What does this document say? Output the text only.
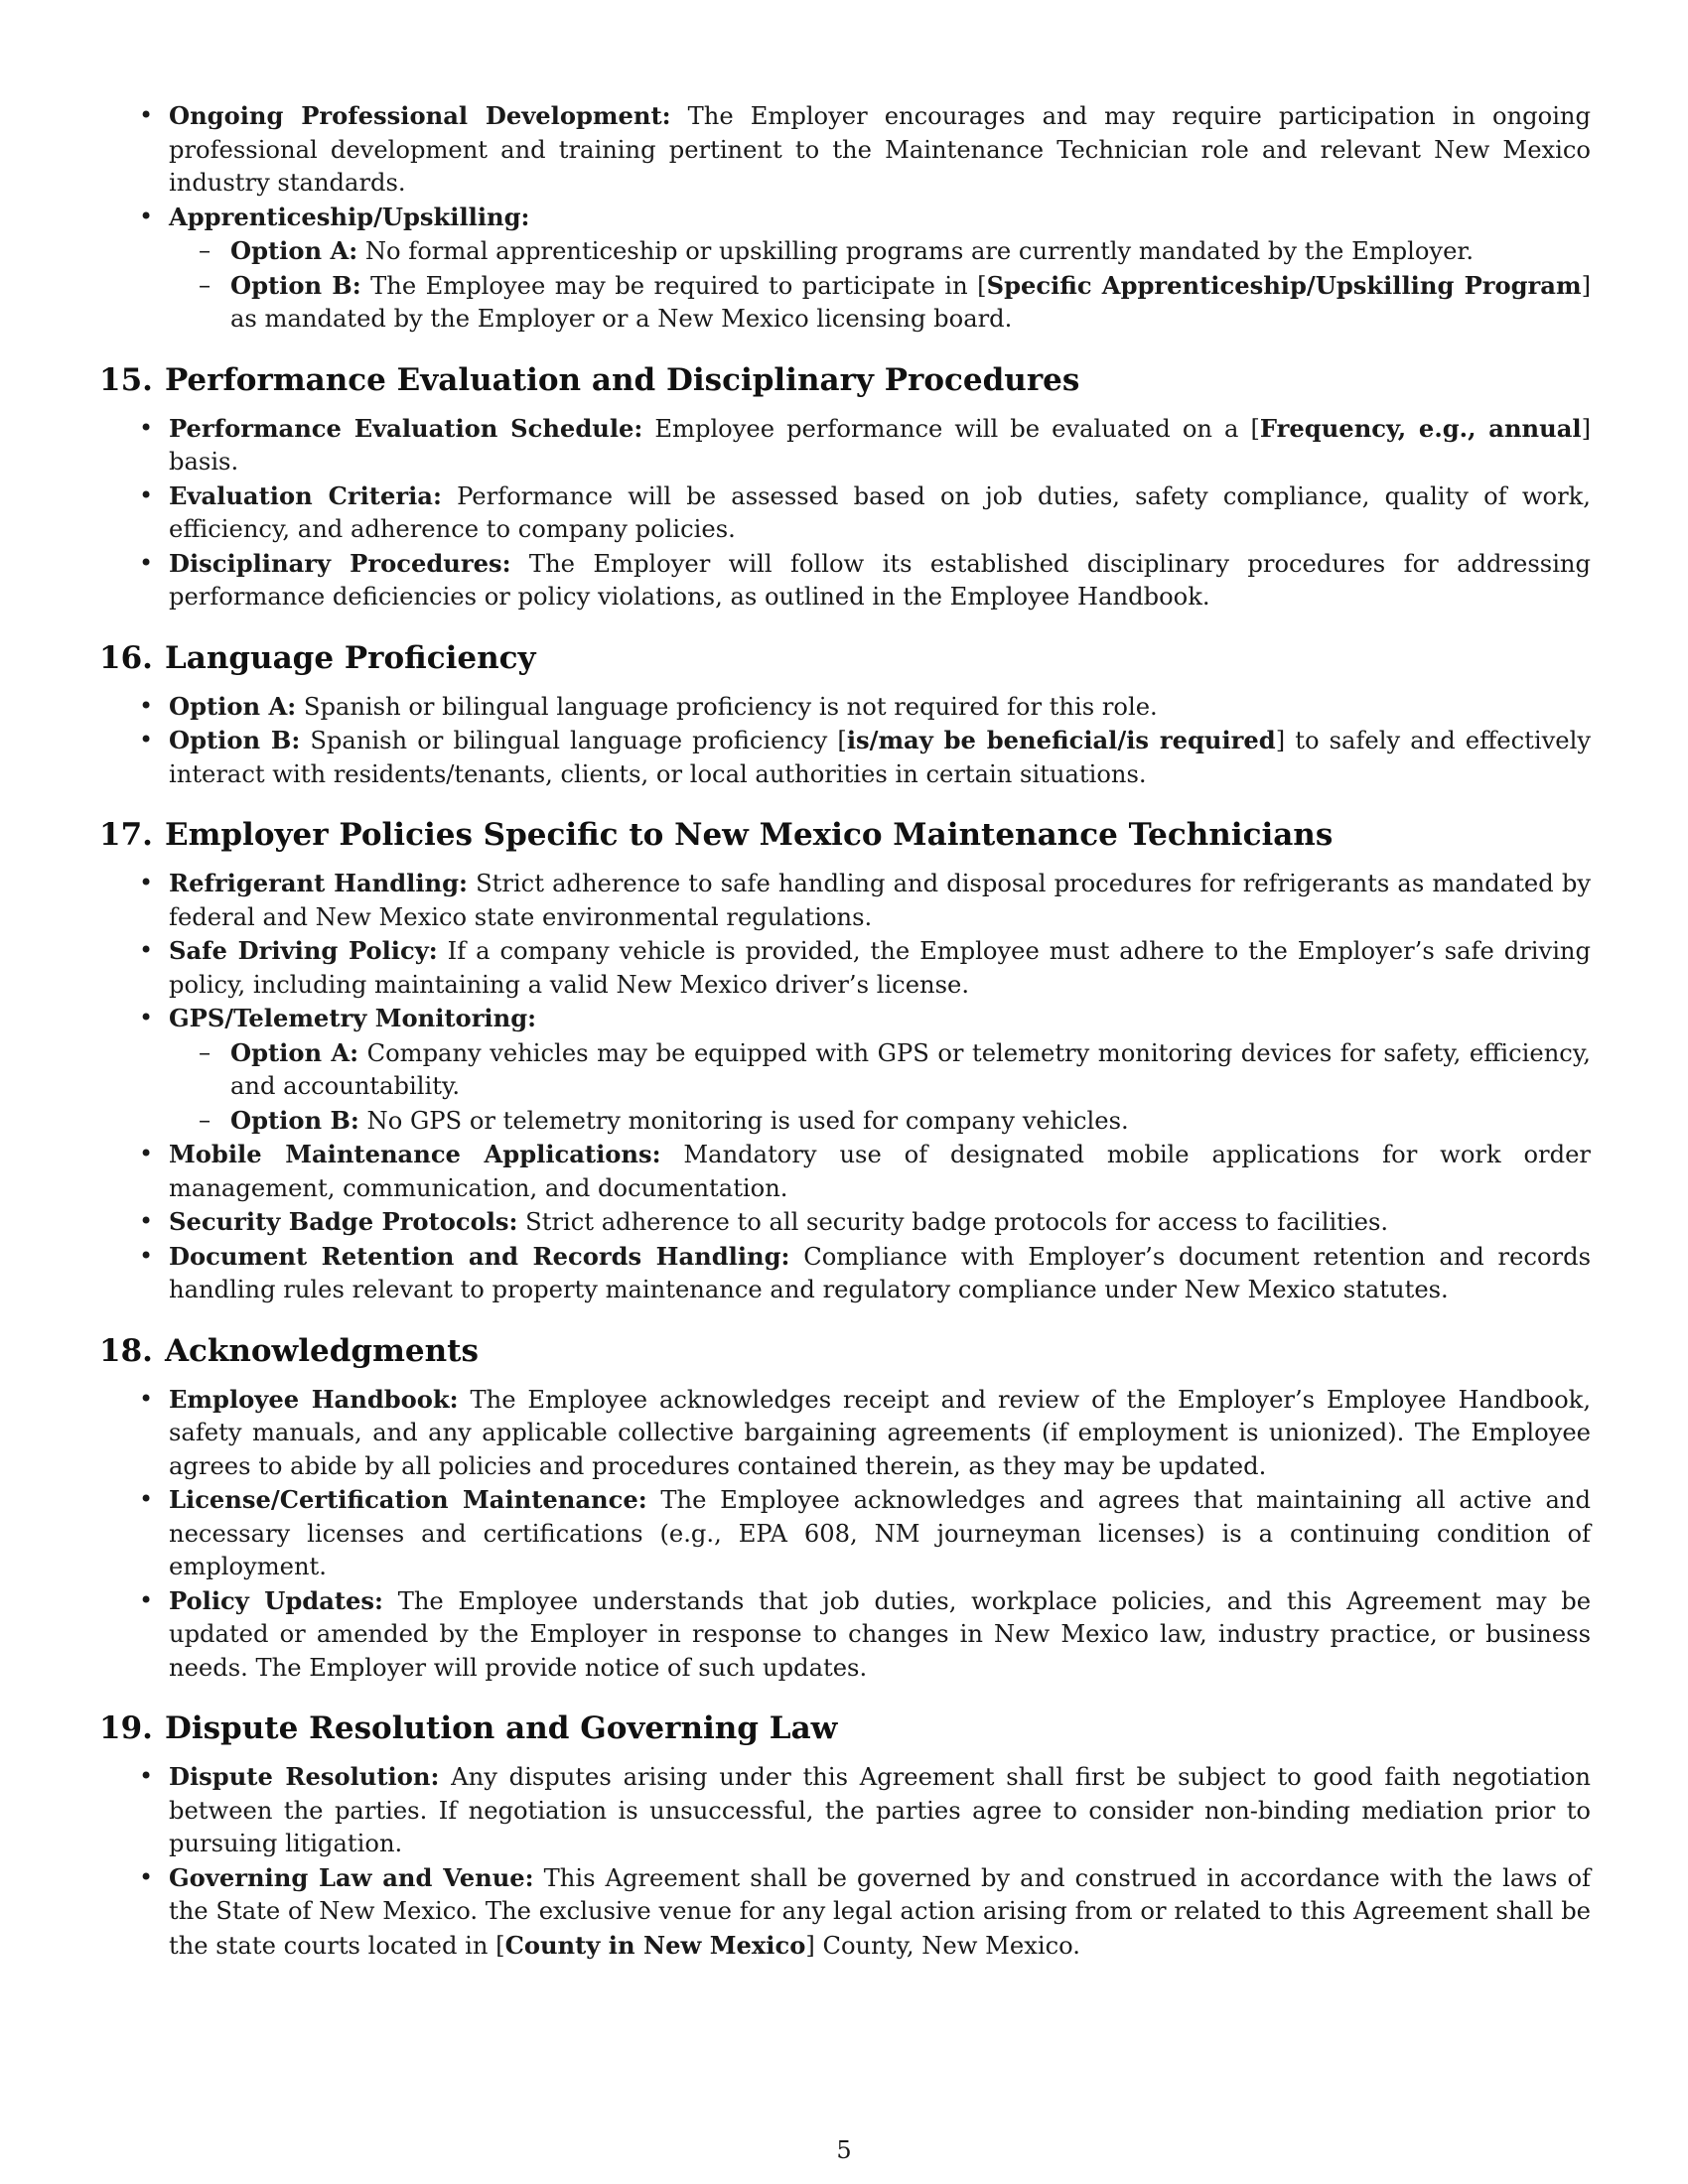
• Ongoing Professional Development: The Employer encourages and may require participation in ongoing professional development and training pertinent to the Maintenance Technician role and relevant New Mexico industry standards.
• Apprenticeship/Upskilling:
– Option A: No formal apprenticeship or upskilling programs are currently mandated by the Employer.
– Option B: The Employee may be required to participate in [Specific Apprenticeship/Upskilling Program] as mandated by the Employer or a New Mexico licensing board.
15. Performance Evaluation and Disciplinary Procedures
• Performance Evaluation Schedule: Employee performance will be evaluated on a [Frequency, e.g., annual] basis.
• Evaluation Criteria: Performance will be assessed based on job duties, safety compliance, quality of work, efficiency, and adherence to company policies.
• Disciplinary Procedures: The Employer will follow its established disciplinary procedures for addressing performance deficiencies or policy violations, as outlined in the Employee Handbook.
16. Language Proficiency
• Option A: Spanish or bilingual language proficiency is not required for this role.
• Option B: Spanish or bilingual language proficiency [is/may be beneficial/is required] to safely and effectively interact with residents/tenants, clients, or local authorities in certain situations.
17. Employer Policies Specific to New Mexico Maintenance Technicians
• Refrigerant Handling: Strict adherence to safe handling and disposal procedures for refrigerants as mandated by federal and New Mexico state environmental regulations.
• Safe Driving Policy: If a company vehicle is provided, the Employee must adhere to the Employer’s safe driving policy, including maintaining a valid New Mexico driver’s license.
• GPS/Telemetry Monitoring:
– Option A: Company vehicles may be equipped with GPS or telemetry monitoring devices for safety, efficiency, and accountability.
– Option B: No GPS or telemetry monitoring is used for company vehicles.
• Mobile Maintenance Applications: Mandatory use of designated mobile applications for work order management, communication, and documentation.
• Security Badge Protocols: Strict adherence to all security badge protocols for access to facilities.
• Document Retention and Records Handling: Compliance with Employer’s document retention and records handling rules relevant to property maintenance and regulatory compliance under New Mexico statutes.
18. Acknowledgments
• Employee Handbook: The Employee acknowledges receipt and review of the Employer’s Employee Handbook, safety manuals, and any applicable collective bargaining agreements (if employment is unionized). The Employee agrees to abide by all policies and procedures contained therein, as they may be updated.
• License/Certification Maintenance: The Employee acknowledges and agrees that maintaining all active and necessary licenses and certifications (e.g., EPA 608, NM journeyman licenses) is a continuing condition of employment.
• Policy Updates: The Employee understands that job duties, workplace policies, and this Agreement may be updated or amended by the Employer in response to changes in New Mexico law, industry practice, or business needs. The Employer will provide notice of such updates.
19. Dispute Resolution and Governing Law
• Dispute Resolution: Any disputes arising under this Agreement shall first be subject to good faith negotiation between the parties. If negotiation is unsuccessful, the parties agree to consider non-binding mediation prior to pursuing litigation.
• Governing Law and Venue: This Agreement shall be governed by and construed in accordance with the laws of the State of New Mexico. The exclusive venue for any legal action arising from or related to this Agreement shall be the state courts located in [County in New Mexico] County, New Mexico.
5
